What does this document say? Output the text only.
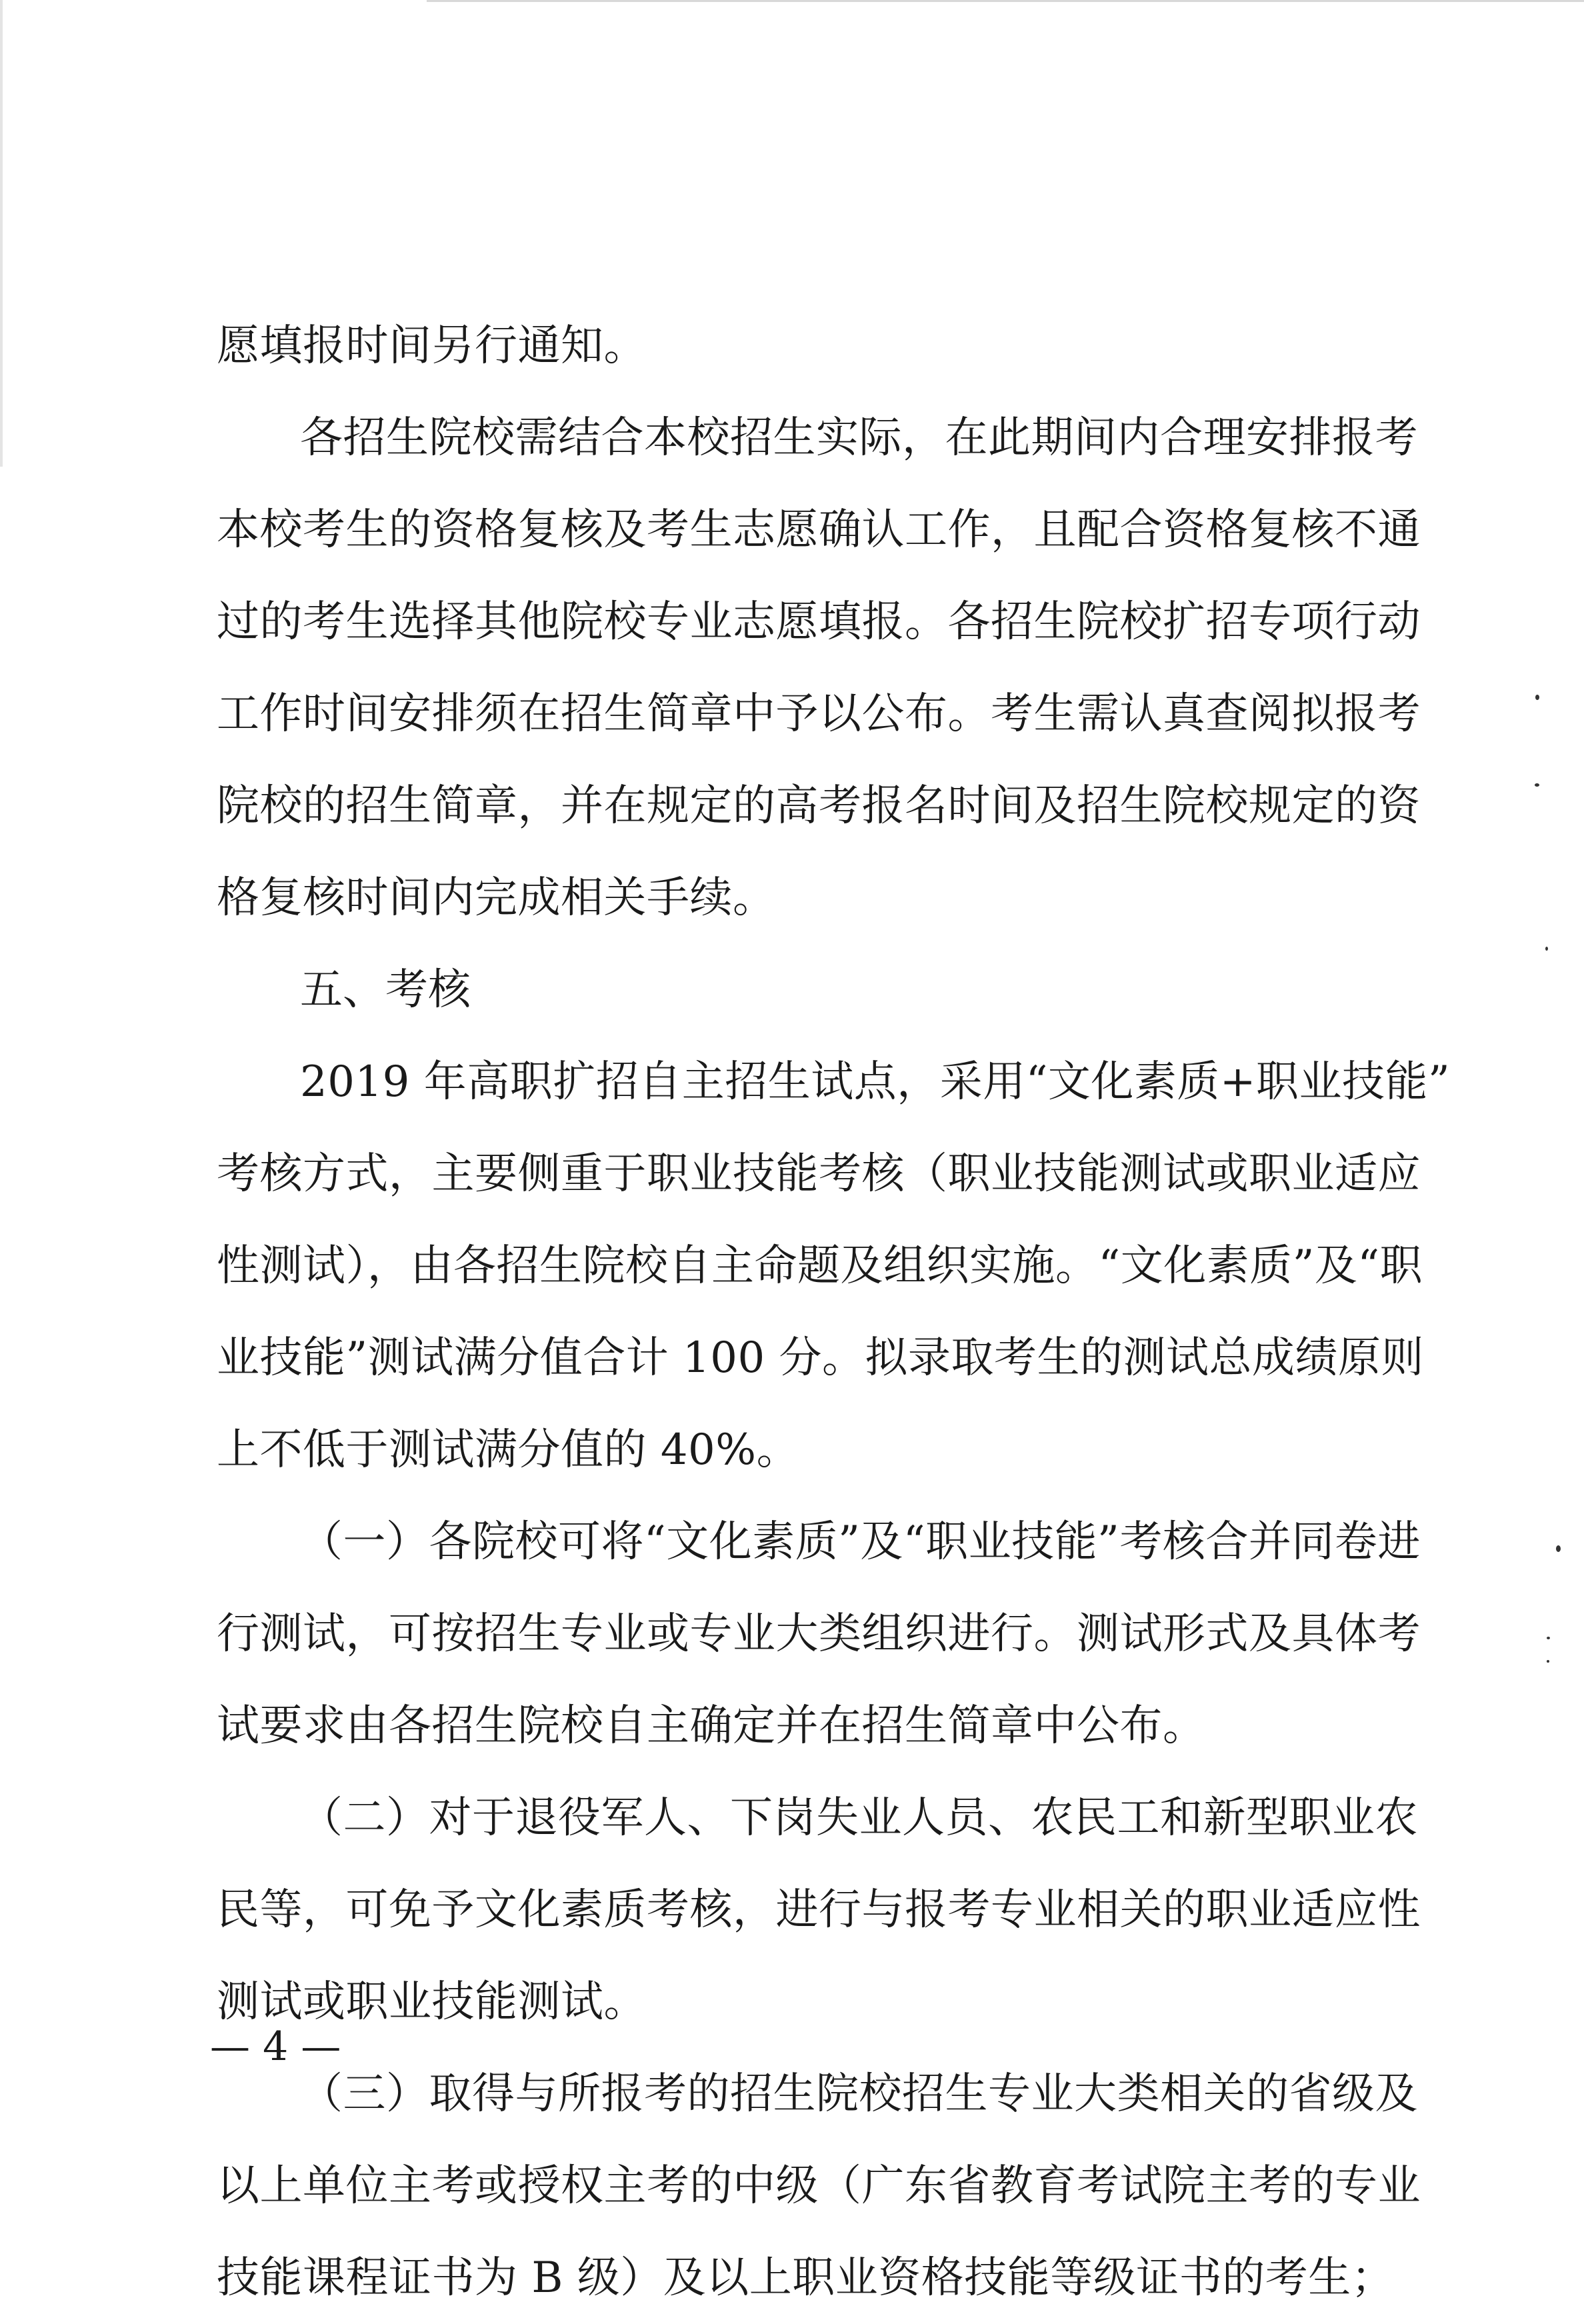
愿填报时间另行通知。
各招生院校需结合本校招生实际，在此期间内合理安排报考
本校考生的资格复核及考生志愿确认工作，且配合资格复核不通
过的考生选择其他院校专业志愿填报。各招生院校扩招专项行动
工作时间安排须在招生简章中予以公布。考生需认真查阅拟报考
院校的招生简章，并在规定的高考报名时间及招生院校规定的资
格复核时间内完成相关手续。
五、考核
2019 年高职扩招自主招生试点，采用“文化素质+职业技能”
考核方式，主要侧重于职业技能考核（职业技能测试或职业适应
性测试），由各招生院校自主命题及组织实施。“文化素质”及“职
业技能”测试满分值合计 100 分。拟录取考生的测试总成绩原则
上不低于测试满分值的 40%。
（一）各院校可将“文化素质”及“职业技能”考核合并同卷进
行测试，可按招生专业或专业大类组织进行。测试形式及具体考
试要求由各招生院校自主确定并在招生简章中公布。
（二）对于退役军人、下岗失业人员、农民工和新型职业农
民等，可免予文化素质考核，进行与报考专业相关的职业适应性
测试或职业技能测试。
（三）取得与所报考的招生院校招生专业大类相关的省级及
以上单位主考或授权主考的中级（广东省教育考试院主考的专业
技能课程证书为 B 级）及以上职业资格技能等级证书的考生；
— 4 —
